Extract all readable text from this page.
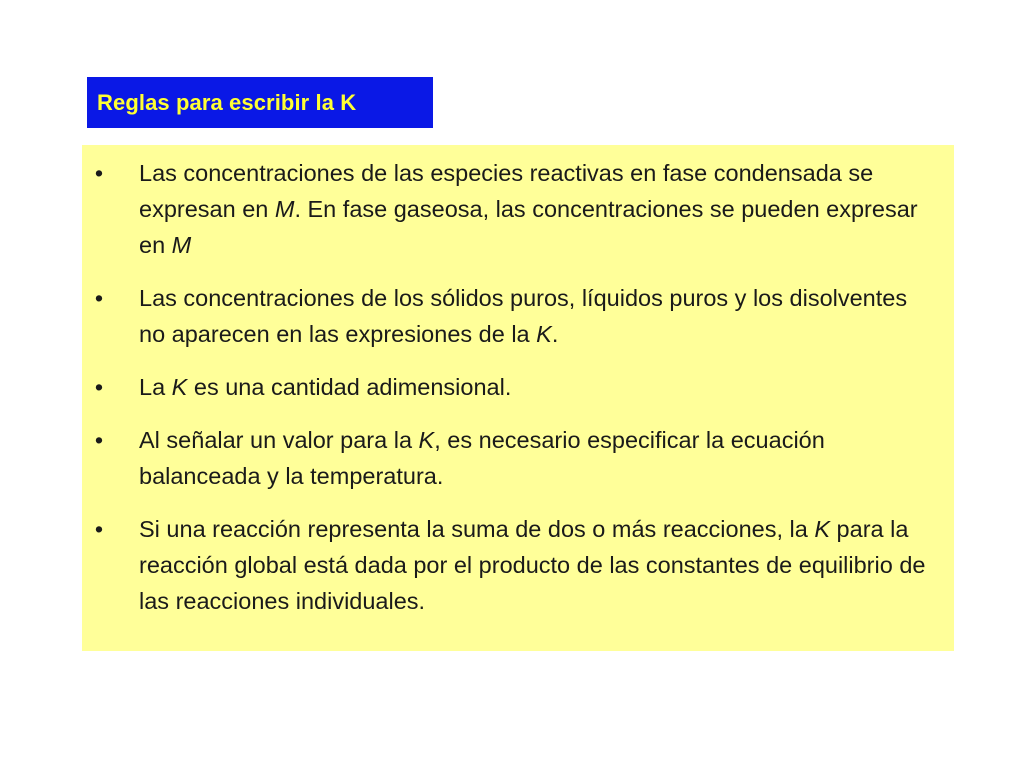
Reglas para escribir la K
• Las concentraciones de las especies reactivas en fase condensada se expresan en M. En fase gaseosa, las concentraciones se pueden expresar en M
• Las concentraciones de los sólidos puros, líquidos puros y los disolventes no aparecen en las expresiones de la K.
• La K es una cantidad adimensional.
• Al señalar un valor para la K, es necesario especificar la ecuación balanceada y la temperatura.
• Si una reacción representa la suma de dos o más reacciones, la K para la reacción global está dada por el producto de las constantes de equilibrio de las reacciones individuales.
